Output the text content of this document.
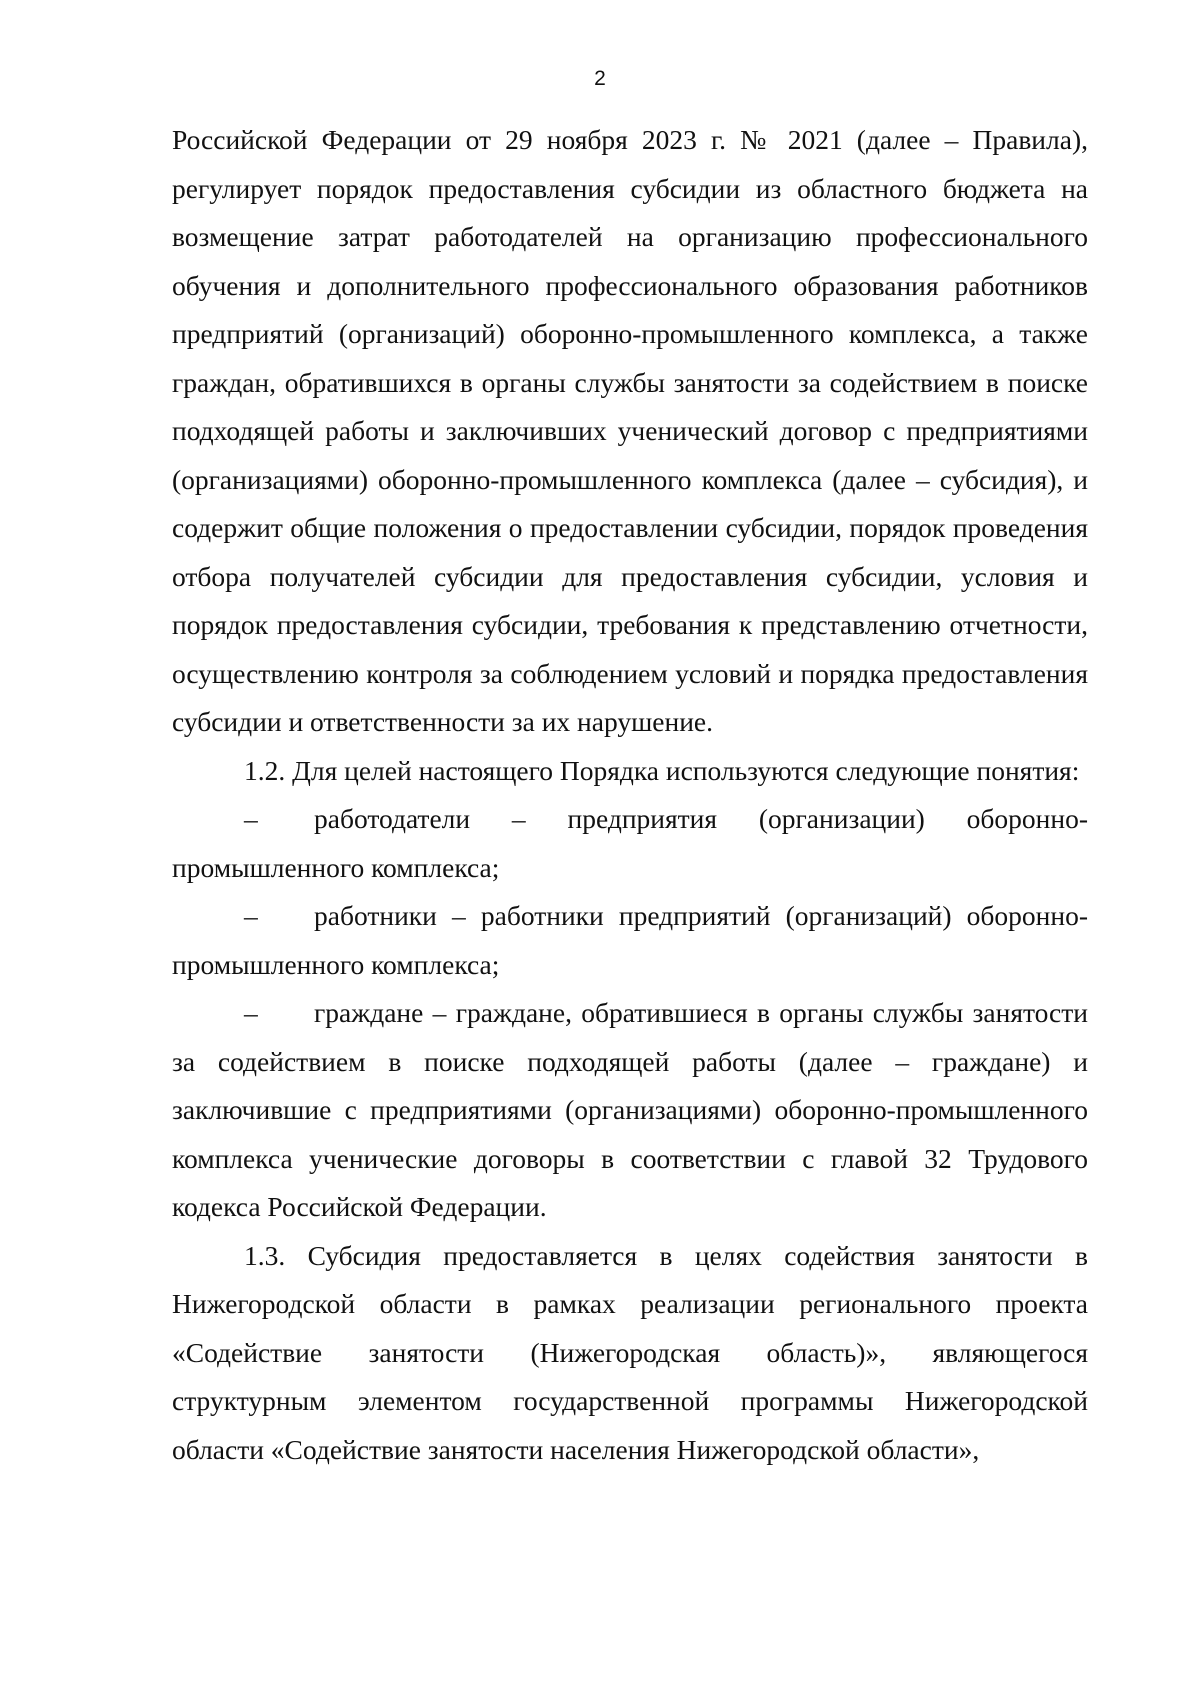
2

Российской Федерации от 29 ноября 2023 г. № 2021 (далее – Правила), регулирует порядок предоставления субсидии из областного бюджета на возмещение затрат работодателей на организацию профессионального обучения и дополнительного профессионального образования работников предприятий (организаций) оборонно-промышленного комплекса, а также граждан, обратившихся в органы службы занятости за содействием в поиске подходящей работы и заключивших ученический договор с предприятиями (организациями) оборонно-промышленного комплекса (далее – субсидия), и содержит общие положения о предоставлении субсидии, порядок проведения отбора получателей субсидии для предоставления субсидии, условия и порядок предоставления субсидии, требования к представлению отчетности, осуществлению контроля за соблюдением условий и порядка предоставления субсидии и ответственности за их нарушение.

1.2. Для целей настоящего Порядка используются следующие понятия:

– работодатели – предприятия (организации) оборонно-промышленного комплекса;

– работники – работники предприятий (организаций) оборонно-промышленного комплекса;

– граждане – граждане, обратившиеся в органы службы занятости за содействием в поиске подходящей работы (далее – граждане) и заключившие с предприятиями (организациями) оборонно-промышленного комплекса ученические договоры в соответствии с главой 32 Трудового кодекса Российской Федерации.

1.3. Субсидия предоставляется в целях содействия занятости в Нижегородской области в рамках реализации регионального проекта «Содействие занятости (Нижегородская область)», являющегося структурным элементом государственной программы Нижегородской области «Содействие занятости населения Нижегородской области»,
